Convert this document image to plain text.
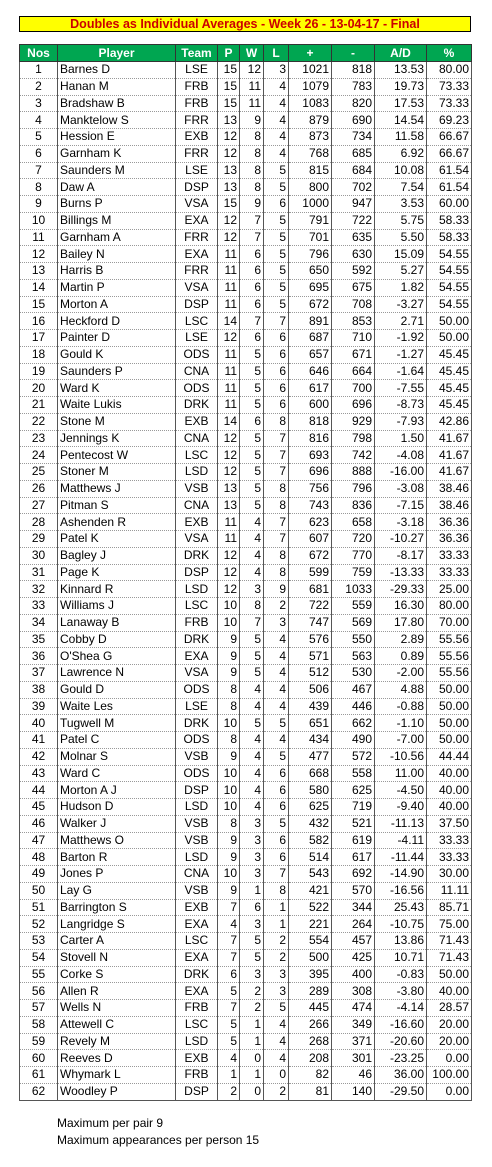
Doubles as Individual Averages - Week 26 - 13-04-17 - Final
Nos	Player	Team	P	W	L	+	-	A/D	%
1	Barnes D	LSE	15	12	3	1021	818	13.53	80.00
2	Hanan M	FRB	15	11	4	1079	783	19.73	73.33
3	Bradshaw B	FRB	15	11	4	1083	820	17.53	73.33
4	Manktelow S	FRR	13	9	4	879	690	14.54	69.23
5	Hession E	EXB	12	8	4	873	734	11.58	66.67
6	Garnham K	FRR	12	8	4	768	685	6.92	66.67
7	Saunders M	LSE	13	8	5	815	684	10.08	61.54
8	Daw A	DSP	13	8	5	800	702	7.54	61.54
9	Burns P	VSA	15	9	6	1000	947	3.53	60.00
10	Billings M	EXA	12	7	5	791	722	5.75	58.33
11	Garnham A	FRR	12	7	5	701	635	5.50	58.33
12	Bailey N	EXA	11	6	5	796	630	15.09	54.55
13	Harris B	FRR	11	6	5	650	592	5.27	54.55
14	Martin P	VSA	11	6	5	695	675	1.82	54.55
15	Morton A	DSP	11	6	5	672	708	-3.27	54.55
16	Heckford D	LSC	14	7	7	891	853	2.71	50.00
17	Painter D	LSE	12	6	6	687	710	-1.92	50.00
18	Gould K	ODS	11	5	6	657	671	-1.27	45.45
19	Saunders P	CNA	11	5	6	646	664	-1.64	45.45
20	Ward K	ODS	11	5	6	617	700	-7.55	45.45
21	Waite Lukis	DRK	11	5	6	600	696	-8.73	45.45
22	Stone M	EXB	14	6	8	818	929	-7.93	42.86
23	Jennings K	CNA	12	5	7	816	798	1.50	41.67
24	Pentecost W	LSC	12	5	7	693	742	-4.08	41.67
25	Stoner M	LSD	12	5	7	696	888	-16.00	41.67
26	Matthews J	VSB	13	5	8	756	796	-3.08	38.46
27	Pitman S	CNA	13	5	8	743	836	-7.15	38.46
28	Ashenden R	EXB	11	4	7	623	658	-3.18	36.36
29	Patel K	VSA	11	4	7	607	720	-10.27	36.36
30	Bagley J	DRK	12	4	8	672	770	-8.17	33.33
31	Page K	DSP	12	4	8	599	759	-13.33	33.33
32	Kinnard R	LSD	12	3	9	681	1033	-29.33	25.00
33	Williams J	LSC	10	8	2	722	559	16.30	80.00
34	Lanaway B	FRB	10	7	3	747	569	17.80	70.00
35	Cobby D	DRK	9	5	4	576	550	2.89	55.56
36	O'Shea G	EXA	9	5	4	571	563	0.89	55.56
37	Lawrence N	VSA	9	5	4	512	530	-2.00	55.56
38	Gould D	ODS	8	4	4	506	467	4.88	50.00
39	Waite Les	LSE	8	4	4	439	446	-0.88	50.00
40	Tugwell M	DRK	10	5	5	651	662	-1.10	50.00
41	Patel C	ODS	8	4	4	434	490	-7.00	50.00
42	Molnar S	VSB	9	4	5	477	572	-10.56	44.44
43	Ward C	ODS	10	4	6	668	558	11.00	40.00
44	Morton A J	DSP	10	4	6	580	625	-4.50	40.00
45	Hudson D	LSD	10	4	6	625	719	-9.40	40.00
46	Walker J	VSB	8	3	5	432	521	-11.13	37.50
47	Matthews O	VSB	9	3	6	582	619	-4.11	33.33
48	Barton R	LSD	9	3	6	514	617	-11.44	33.33
49	Jones P	CNA	10	3	7	543	692	-14.90	30.00
50	Lay G	VSB	9	1	8	421	570	-16.56	11.11
51	Barrington S	EXB	7	6	1	522	344	25.43	85.71
52	Langridge S	EXA	4	3	1	221	264	-10.75	75.00
53	Carter A	LSC	7	5	2	554	457	13.86	71.43
54	Stovell N	EXA	7	5	2	500	425	10.71	71.43
55	Corke S	DRK	6	3	3	395	400	-0.83	50.00
56	Allen R	EXA	5	2	3	289	308	-3.80	40.00
57	Wells N	FRB	7	2	5	445	474	-4.14	28.57
58	Attewell C	LSC	5	1	4	266	349	-16.60	20.00
59	Revely M	LSD	5	1	4	268	371	-20.60	20.00
60	Reeves D	EXB	4	0	4	208	301	-23.25	0.00
61	Whymark L	FRB	1	1	0	82	46	36.00	100.00
62	Woodley P	DSP	2	0	2	81	140	-29.50	0.00
Maximum per pair 9
Maximum appearances per person 15
